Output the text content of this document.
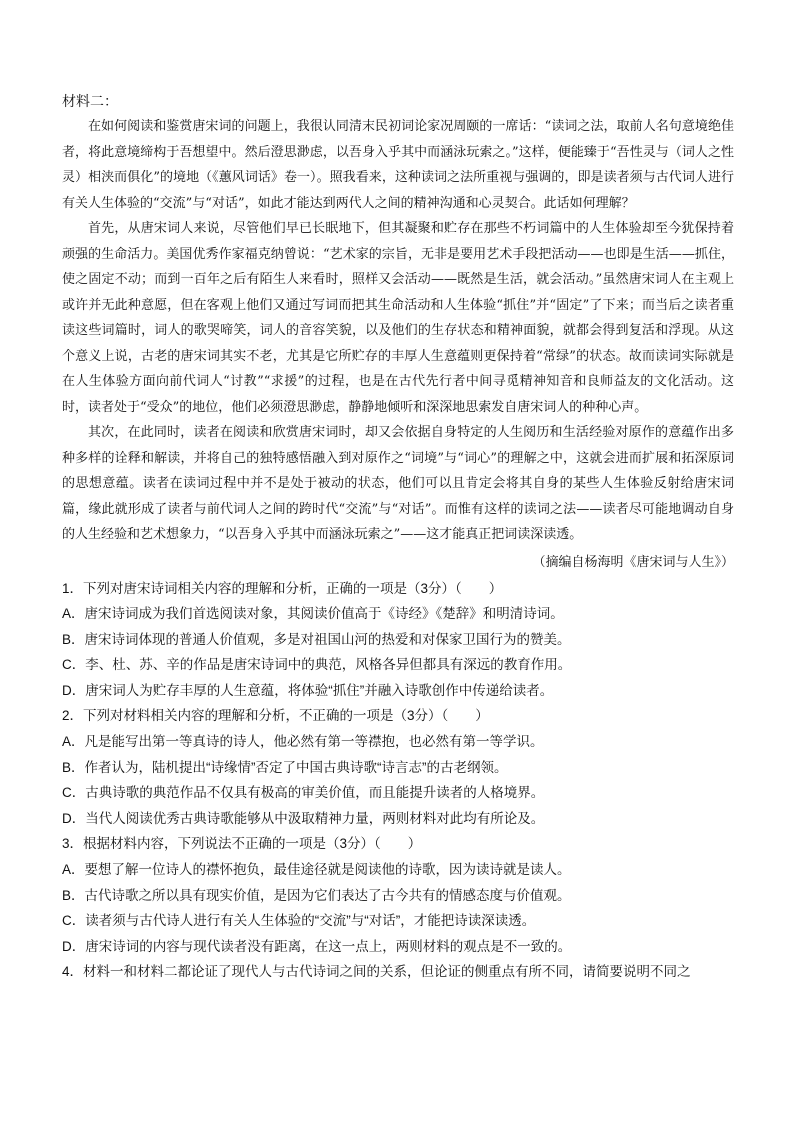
材料二：

在如何阅读和鉴赏唐宋词的问题上，我很认同清末民初词论家况周颐的一席话：“读词之法，取前人名句意境绝佳者，将此意境缔构于吾想望中。然后澄思渺虑，以吾身入乎其中而涵泳玩索之。”这样，便能臻于“吾性灵与（词人之性灵）相浃而俱化”的境地（《蕙风词话》卷一）。照我看来，这种读词之法所重视与强调的，即是读者须与古代词人进行有关人生体验的“交流”与“对话”，如此才能达到两代人之间的精神沟通和心灵契合。此话如何理解？

首先，从唐宋词人来说，尽管他们早已长眠地下，但其凝聚和贮存在那些不朽词篇中的人生体验却至今犹保持着顽强的生命活力。美国优秀作家福克纳曾说：“艺术家的宗旨，无非是要用艺术手段把活动——也即是生活——抓住，使之固定不动；而到一百年之后有陌生人来看时，照样又会活动——既然是生活，就会活动。”虽然唐宋词人在主观上或许并无此种意愿，但在客观上他们又通过写词而把其生命活动和人生体验“抓住”并“固定”了下来；而当后之读者重读这些词篇时，词人的歌哭啼笑，词人的音容笑貌，以及他们的生存状态和精神面貌，就都会得到复活和浮现。从这个意义上说，古老的唐宋词其实不老，尤其是它所贮存的丰厚人生意蕴则更保持着“常绿”的状态。故而读词实际就是在人生体验方面向前代词人“讨教”“求援”的过程，也是在古代先行者中间寻觅精神知音和良师益友的文化活动。这时，读者处于“受众”的地位，他们必须澄思渺虑，静静地倾听和深深地思索发自唐宋词人的种种心声。

其次，在此同时，读者在阅读和欣赏唐宋词时，却又会依据自身特定的人生阅历和生活经验对原作的意蕴作出多种多样的诠释和解读，并将自己的独特感悟融入到对原作之“词境”与“词心”的理解之中，这就会进而扩展和拓深原词的思想意蕴。读者在读词过程中并不是处于被动的状态，他们可以且肯定会将其自身的某些人生体验反射给唐宋词篇，缘此就形成了读者与前代词人之间的跨时代“交流”与“对话”。而惟有这样的读词之法——读者尽可能地调动自身的人生经验和艺术想象力，“以吾身入乎其中而涵泳玩索之”——这才能真正把词读深读透。

（摘编自杨海明《唐宋词与人生》）

1．下列对唐宋诗词相关内容的理解和分析，正确的一项是（3分）（　　）

A．唐宋诗词成为我们首选阅读对象，其阅读价值高于《诗经》《楚辞》和明清诗词。

B．唐宋诗词体现的普通人价值观，多是对祖国山河的热爱和对保家卫国行为的赞美。

C．李、杜、苏、辛的作品是唐宋诗词中的典范，风格各异但都具有深远的教育作用。

D．唐宋词人为贮存丰厚的人生意蕴，将体验“抓住”并融入诗歌创作中传递给读者。

2．下列对材料相关内容的理解和分析，不正确的一项是（3分）（　　）

A．凡是能写出第一等真诗的诗人，他必然有第一等襟抱，也必然有第一等学识。

B．作者认为，陆机提出“诗缘情”否定了中国古典诗歌“诗言志”的古老纲领。

C．古典诗歌的典范作品不仅具有极高的审美价值，而且能提升读者的人格境界。

D．当代人阅读优秀古典诗歌能够从中汲取精神力量，两则材料对此均有所论及。

3．根据材料内容，下列说法不正确的一项是（3分）（　　）

A．要想了解一位诗人的襟怀抱负，最佳途径就是阅读他的诗歌，因为读诗就是读人。

B．古代诗歌之所以具有现实价值，是因为它们表达了古今共有的情感态度与价值观。

C．读者须与古代诗人进行有关人生体验的“交流”与“对话”，才能把诗读深读透。

D．唐宋诗词的内容与现代读者没有距离，在这一点上，两则材料的观点是不一致的。

4．材料一和材料二都论证了现代人与古代诗词之间的关系，但论证的侧重点有所不同，请简要说明不同之
